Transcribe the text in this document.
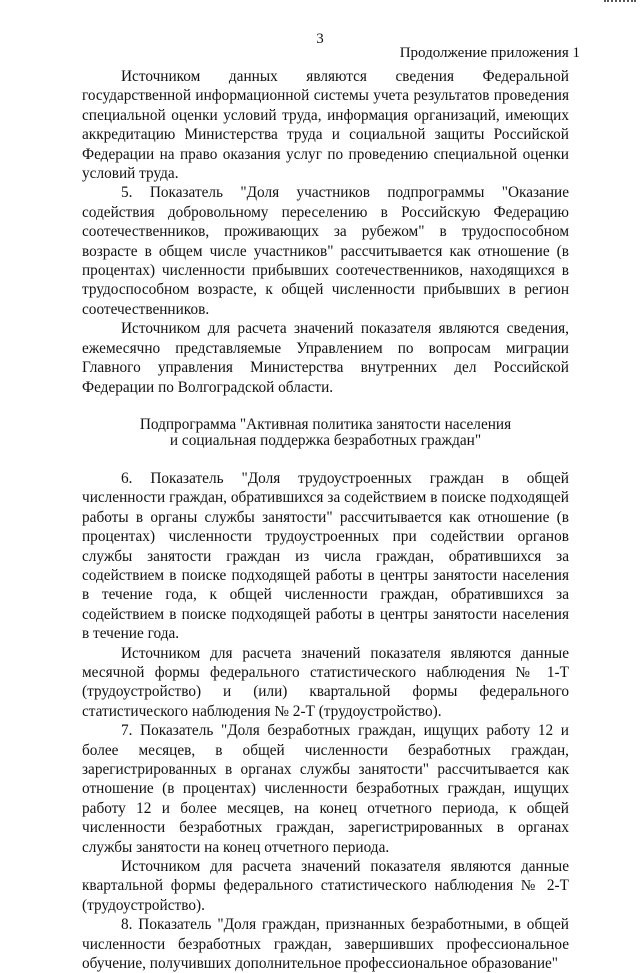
3
Продолжение приложения 1

Источником данных являются сведения Федеральной государственной информационной системы учета результатов проведения специальной оценки условий труда, информация организаций, имеющих аккредитацию Министерства труда и социальной защиты Российской Федерации на право оказания услуг по проведению специальной оценки условий труда.

5. Показатель "Доля участников подпрограммы "Оказание содействия добровольному переселению в Российскую Федерацию соотечественников, проживающих за рубежом" в трудоспособном возрасте в общем числе участников" рассчитывается как отношение (в процентах) численности прибывших соотечественников, находящихся в трудоспособном возрасте, к общей численности прибывших в регион соотечественников.

Источником для расчета значений показателя являются сведения, ежемесячно представляемые Управлением по вопросам миграции Главного управления Министерства внутренних дел Российской Федерации по Волгоградской области.

Подпрограмма "Активная политика занятости населения
и социальная поддержка безработных граждан"

6. Показатель "Доля трудоустроенных граждан в общей численности граждан, обратившихся за содействием в поиске подходящей работы в органы службы занятости" рассчитывается как отношение (в процентах) численности трудоустроенных при содействии органов службы занятости граждан из числа граждан, обратившихся за содействием в поиске подходящей работы в центры занятости населения в течение года, к общей численности граждан, обратившихся за содействием в поиске подходящей работы в центры занятости населения в течение года.

Источником для расчета значений показателя являются данные месячной формы федерального статистического наблюдения № 1-Т (трудоустройство) и (или) квартальной формы федерального статистического наблюдения № 2-Т (трудоустройство).

7. Показатель "Доля безработных граждан, ищущих работу 12 и более месяцев, в общей численности безработных граждан, зарегистрированных в органах службы занятости" рассчитывается как отношение (в процентах) численности безработных граждан, ищущих работу 12 и более месяцев, на конец отчетного периода, к общей численности безработных граждан, зарегистрированных в органах службы занятости на конец отчетного периода.

Источником для расчета значений показателя являются данные квартальной формы федерального статистического наблюдения № 2-Т (трудоустройство).

8. Показатель "Доля граждан, признанных безработными, в общей численности безработных граждан, завершивших профессиональное обучение, получивших дополнительное профессиональное образование"
